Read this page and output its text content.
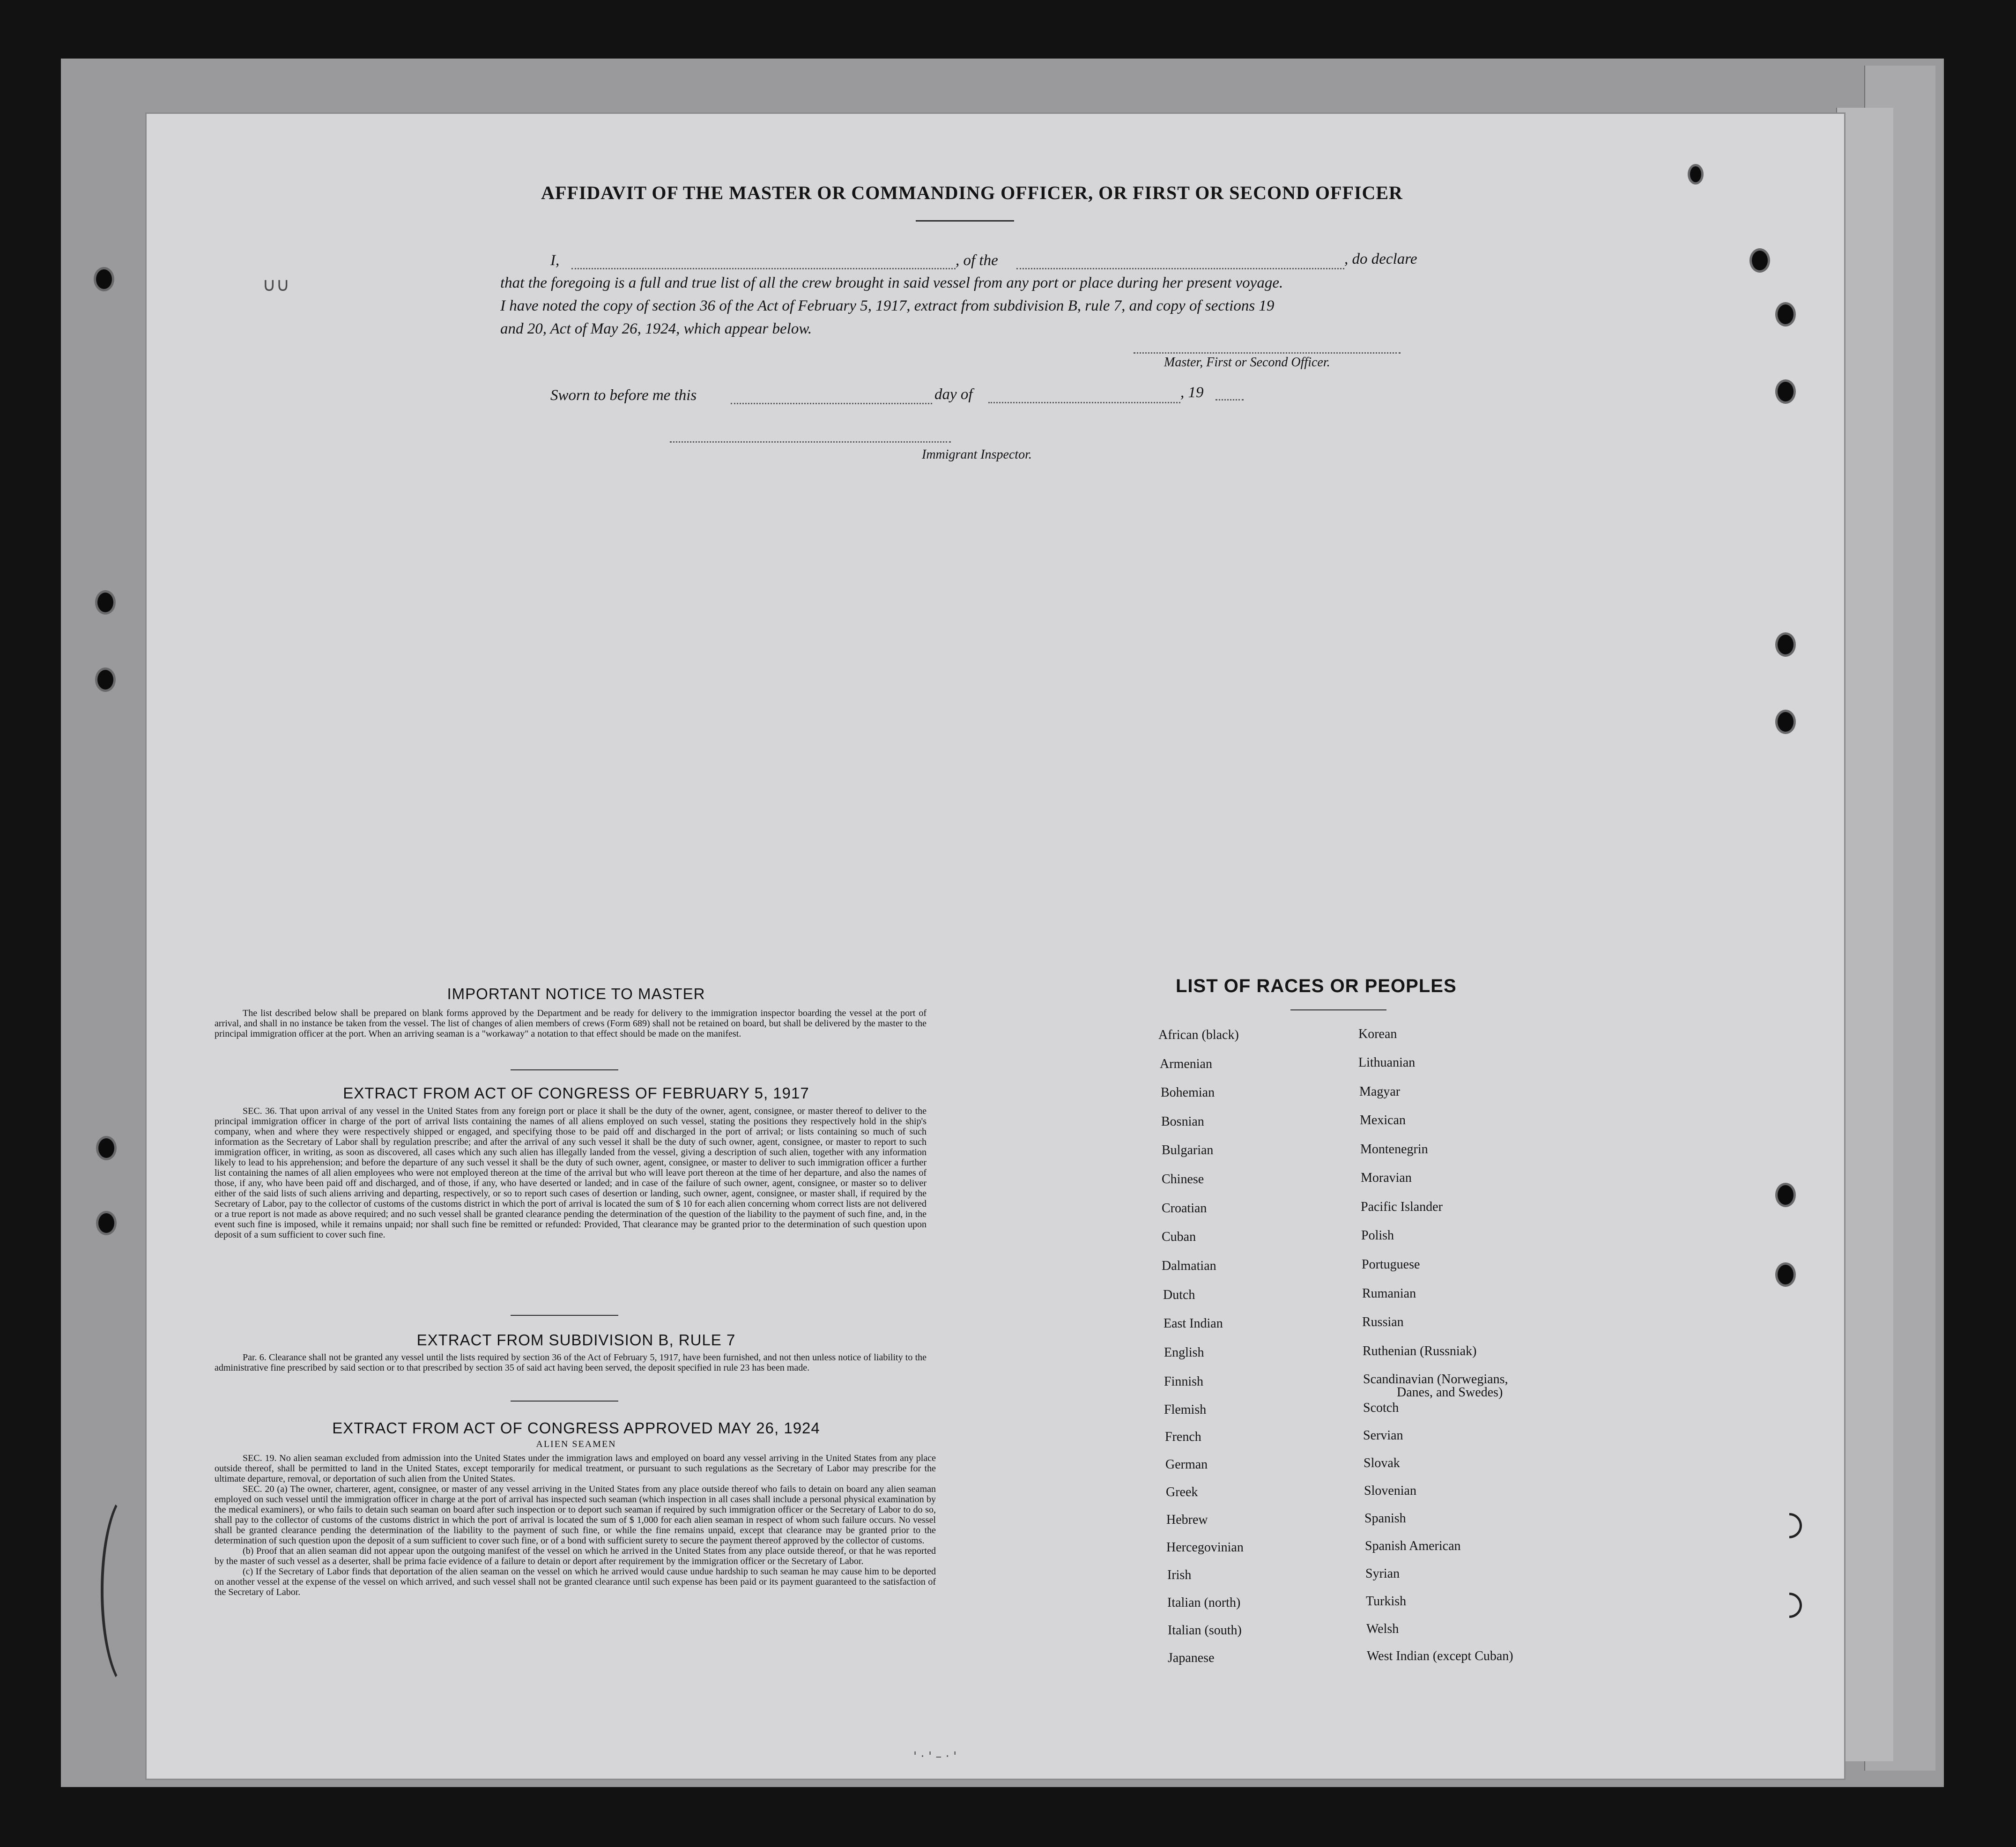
∪∪
' · ' – · '
AFFIDAVIT OF THE MASTER OR COMMANDING OFFICER, OR FIRST OR SECOND OFFICER
I,	, of the	, do declare
that the foregoing is a full and true list of all the crew brought in said vessel from any port or place during her present voyage.
I have noted the copy of section 36 of the Act of February 5, 1917, extract from subdivision B, rule 7, and copy of sections 19
and 20, Act of May 26, 1924, which appear below.
Master, First or Second Officer.
Sworn to before me this	day of	, 19
Immigrant Inspector.
IMPORTANT NOTICE TO MASTER
The list described below shall be prepared on blank forms approved by the Department and be ready for delivery to the immigration inspector boarding the vessel at the port of arrival, and shall in no instance be taken from the vessel. The list of changes of alien members of crews (Form 689) shall not be retained on board, but shall be delivered by the master to the principal immigration officer at the port. When an arriving seaman is a "workaway" a notation to that effect should be made on the manifest.
EXTRACT FROM ACT OF CONGRESS OF FEBRUARY 5, 1917
SEC. 36. That upon arrival of any vessel in the United States from any foreign port or place it shall be the duty of the owner, agent, consignee, or master thereof to deliver to the principal immigration officer in charge of the port of arrival lists containing the names of all aliens employed on such vessel, stating the positions they respectively hold in the ship's company, when and where they were respectively shipped or engaged, and specifying those to be paid off and discharged in the port of arrival; or lists containing so much of such information as the Secretary of Labor shall by regulation prescribe; and after the arrival of any such vessel it shall be the duty of such owner, agent, consignee, or master to report to such immigration officer, in writing, as soon as discovered, all cases which any such alien has illegally landed from the vessel, giving a description of such alien, together with any information likely to lead to his apprehension; and before the departure of any such vessel it shall be the duty of such owner, agent, consignee, or master to deliver to such immigration officer a further list containing the names of all alien employees who were not employed thereon at the time of the arrival but who will leave port thereon at the time of her departure, and also the names of those, if any, who have been paid off and discharged, and of those, if any, who have deserted or landed; and in case of the failure of such owner, agent, consignee, or master so to deliver either of the said lists of such aliens arriving and departing, respectively, or so to report such cases of desertion or landing, such owner, agent, consignee, or master shall, if required by the Secretary of Labor, pay to the collector of customs of the customs district in which the port of arrival is located the sum of $ 10 for each alien concerning whom correct lists are not delivered or a true report is not made as above required; and no such vessel shall be granted clearance pending the determination of the question of the liability to the payment of such fine, and, in the event such fine is imposed, while it remains unpaid; nor shall such fine be remitted or refunded: Provided, That clearance may be granted prior to the determination of such question upon deposit of a sum sufficient to cover such fine.
EXTRACT FROM SUBDIVISION B, RULE 7
Par. 6. Clearance shall not be granted any vessel until the lists required by section 36 of the Act of February 5, 1917, have been furnished, and not then unless notice of liability to the administrative fine prescribed by said section or to that prescribed by section 35 of said act having been served, the deposit specified in rule 23 has been made.
EXTRACT FROM ACT OF CONGRESS APPROVED MAY 26, 1924
ALIEN SEAMEN

SEC. 19. No alien seaman excluded from admission into the United States under the immigration laws and employed on board any vessel arriving in the United States from any place outside thereof, shall be permitted to land in the United States, except temporarily for medical treatment, or pursuant to such regulations as the Secretary of Labor may prescribe for the ultimate departure, removal, or deportation of such alien from the United States.

SEC. 20 (a) The owner, charterer, agent, consignee, or master of any vessel arriving in the United States from any place outside thereof who fails to detain on board any alien seaman employed on such vessel until the immigration officer in charge at the port of arrival has inspected such seaman (which inspection in all cases shall include a personal physical examination by the medical examiners), or who fails to detain such seaman on board after such inspection or to deport such seaman if required by such immigration officer or the Secretary of Labor to do so, shall pay to the collector of customs of the customs district in which the port of arrival is located the sum of $ 1,000 for each alien seaman in respect of whom such failure occurs. No vessel shall be granted clearance pending the determination of the liability to the payment of such fine, or while the fine remains unpaid, except that clearance may be granted prior to the determination of such question upon the deposit of a sum sufficient to cover such fine, or of a bond with sufficient surety to secure the payment thereof approved by the collector of customs.

(b) Proof that an alien seaman did not appear upon the outgoing manifest of the vessel on which he arrived in the United States from any place outside thereof, or that he was reported by the master of such vessel as a deserter, shall be prima facie evidence of a failure to detain or deport after requirement by the immigration officer or the Secretary of Labor.

(c) If the Secretary of Labor finds that deportation of the alien seaman on the vessel on which he arrived would cause undue hardship to such seaman he may cause him to be deported on another vessel at the expense of the vessel on which arrived, and such vessel shall not be granted clearance until such expense has been paid or its payment guaranteed to the satisfaction of the Secretary of Labor.

LIST OF RACES OR PEOPLES
African (black)
Armenian
Bohemian
Bosnian
Bulgarian
Chinese
Croatian
Cuban
Dalmatian
Dutch
East Indian
English
Finnish
Flemish
French
German
Greek
Hebrew
Hercegovinian
Irish
Italian (north)
Italian (south)
Japanese
Korean
Lithuanian
Magyar
Mexican
Montenegrin
Moravian
Pacific Islander
Polish
Portuguese
Rumanian
Russian
Ruthenian (Russniak)
Scandinavian (Norwegians,
Danes, and Swedes)
Scotch
Servian
Slovak
Slovenian
Spanish
Spanish American
Syrian
Turkish
Welsh
West Indian (except Cuban)
